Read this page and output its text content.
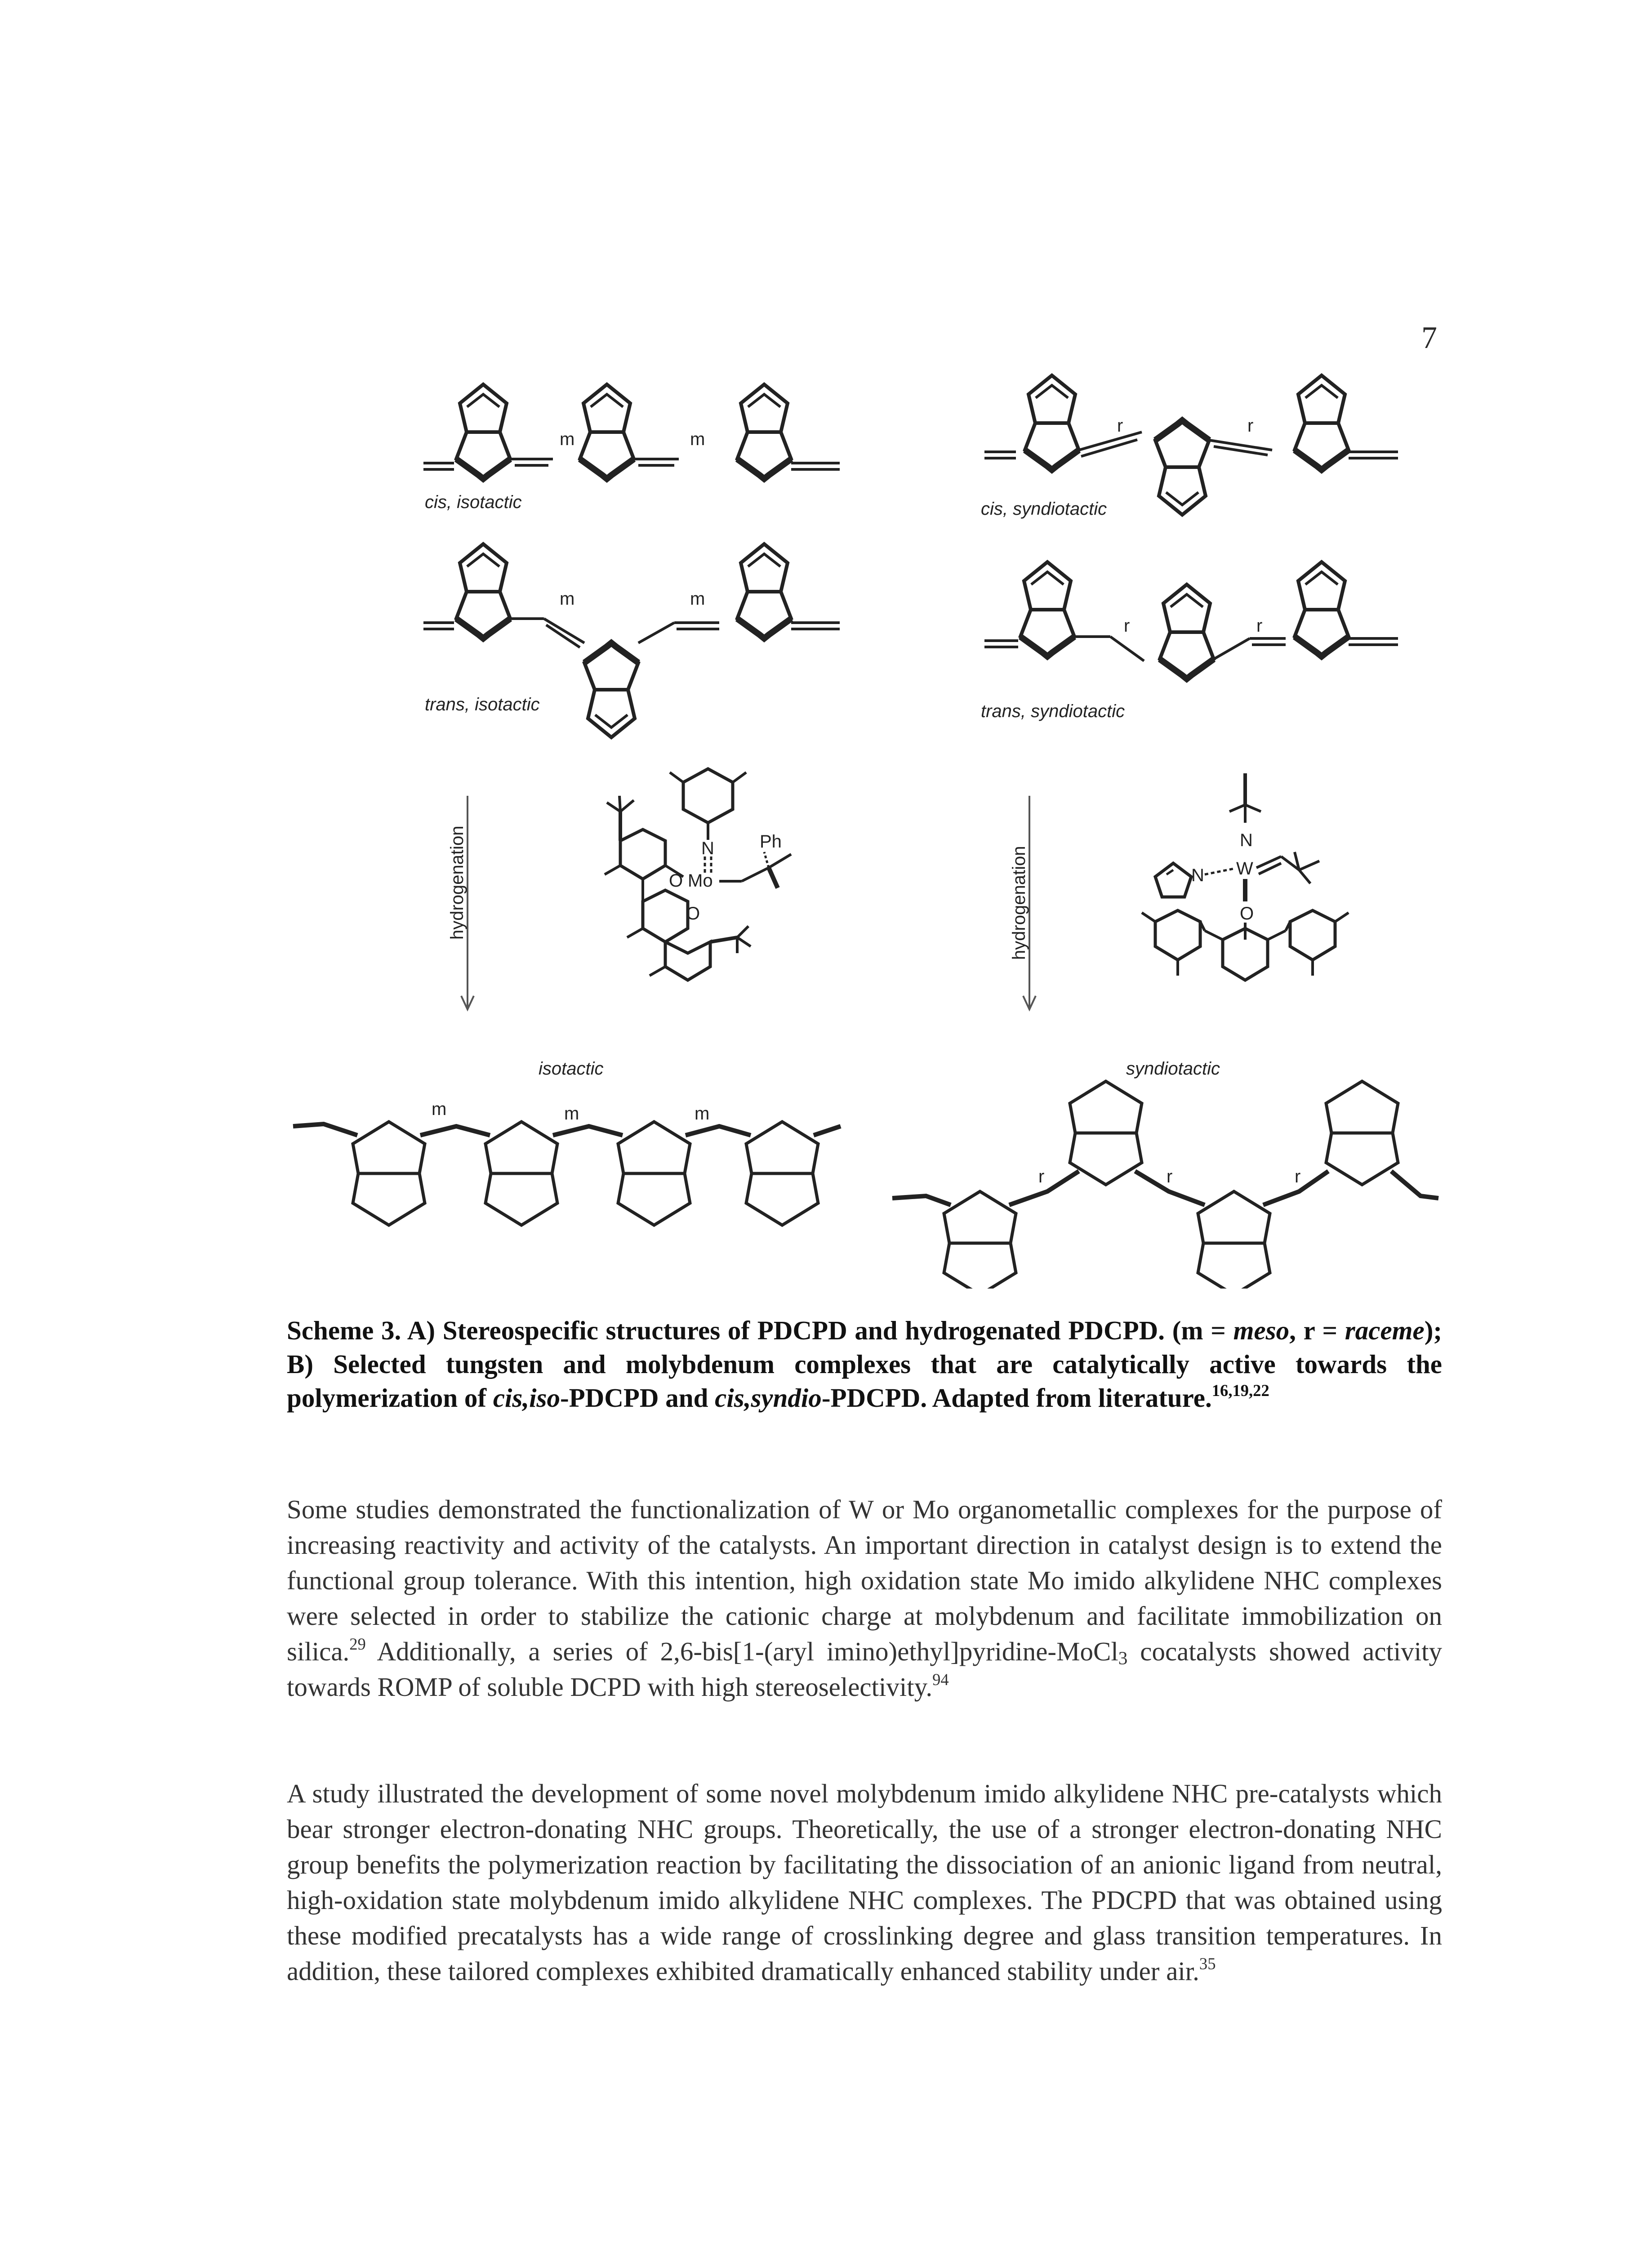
7
m	m
cis, isotactic
r	r
cis, syndiotactic
m	m
trans, isotactic
r	r
trans, syndiotactic
hydrogenation	N
Mo
O
O
Ph
hydrogenation
N
W
N
O
isotactic	syndiotactic
m	m	m
r	r	r
Scheme 3. A) Stereospecific structures of PDCPD and hydrogenated PDCPD. (m = meso, r = raceme); B) Selected tungsten and molybdenum complexes that are catalytically active towards the polymerization of cis,iso-PDCPD and cis,syndio-PDCPD. Adapted from literature.$^{16,19,22}$
Some studies demonstrated the functionalization of W or Mo organometallic complexes for the purpose of increasing reactivity and activity of the catalysts. An important direction in catalyst design is to extend the functional group tolerance. With this intention, high oxidation state Mo imido alkylidene NHC complexes were selected in order to stabilize the cationic charge at molybdenum and facilitate immobilization on silica.$^{29}$ Additionally, a series of 2,6-bis[1-(aryl imino)ethyl]pyridine-MoCl$_3$ cocatalysts showed activity towards ROMP of soluble DCPD with high stereoselectivity.$^{94}$
A study illustrated the development of some novel molybdenum imido alkylidene NHC pre-catalysts which bear stronger electron-donating NHC groups. Theoretically, the use of a stronger electron-donating NHC group benefits the polymerization reaction by facilitating the dissociation of an anionic ligand from neutral, high-oxidation state molybdenum imido alkylidene NHC complexes. The PDCPD that was obtained using these modified precatalysts has a wide range of crosslinking degree and glass transition temperatures. In addition, these tailored complexes exhibited dramatically enhanced stability under air.$^{35}$
